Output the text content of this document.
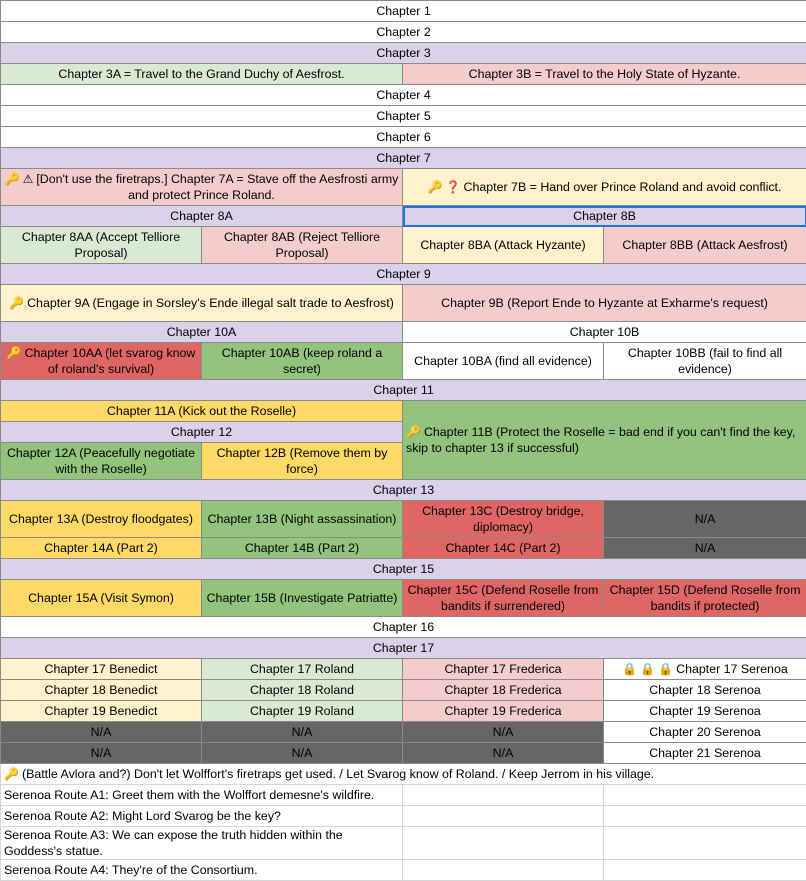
Chapter 1			
Chapter 2			
Chapter 3			
Chapter 3A = Travel to the Grand Duchy of Aesfrost.		Chapter 3B = Travel to the Holy State of Hyzante.	
Chapter 4			
Chapter 5			
Chapter 6			
Chapter 7			
🔑 ⚠ [Don't use the firetraps.] Chapter 7A = Stave off the Aesfrosti army and protect Prince Roland.		🔑 ❓ Chapter 7B = Hand over Prince Roland and avoid conflict.	
Chapter 8A		Chapter 8B	
Chapter 8AA (Accept Telliore Proposal)	Chapter 8AB (Reject Telliore Proposal)	Chapter 8BA (Attack Hyzante)	Chapter 8BB (Attack Aesfrost)
Chapter 9			
🔑 Chapter 9A (Engage in Sorsley's Ende illegal salt trade to Aesfrost)		Chapter 9B (Report Ende to Hyzante at Exharme's request)	
Chapter 10A		Chapter 10B	
🔑 Chapter 10AA (let svarog know of roland's survival)	Chapter 10AB (keep roland a secret)	Chapter 10BA (find all evidence)	Chapter 10BB (fail to find all evidence)
Chapter 11			
Chapter 11A (Kick out the Roselle)		🔑 Chapter 11B (Protect the Roselle = bad end if you can't find the key, skip to chapter 13 if successful)	
Chapter 12			
Chapter 12A (Peacefully negotiate with the Roselle)	Chapter 12B (Remove them by force)		
Chapter 13			
Chapter 13A (Destroy floodgates)	Chapter 13B (Night assassination)	Chapter 13C (Destroy bridge, diplomacy)	N/A
Chapter 14A (Part 2)	Chapter 14B (Part 2)	Chapter 14C (Part 2)	N/A
Chapter 15			
Chapter 15A (Visit Symon)	Chapter 15B (Investigate Patriatte)	Chapter 15C (Defend Roselle from bandits if surrendered)	Chapter 15D (Defend Roselle from bandits if protected)
Chapter 16			
Chapter 17			
Chapter 17 Benedict	Chapter 17 Roland	Chapter 17 Frederica	🔒 🔒 🔒 Chapter 17 Serenoa
Chapter 18 Benedict	Chapter 18 Roland	Chapter 18 Frederica	Chapter 18 Serenoa
Chapter 19 Benedict	Chapter 19 Roland	Chapter 19 Frederica	Chapter 19 Serenoa
N/A	N/A	N/A	Chapter 20 Serenoa
N/A	N/A	N/A	Chapter 21 Serenoa
🔑 (Battle Avlora and?) Don't let Wolffort's firetraps get used. / Let Svarog know of Roland. / Keep Jerrom in his village.			
Serenoa Route A1: Greet them with the Wolffort demesne's wildfire.			
Serenoa Route A2: Might Lord Svarog be the key?			
Serenoa Route A3: We can expose the truth hidden within the Goddess's statue.			
Serenoa Route A4: They're of the Consortium.			
